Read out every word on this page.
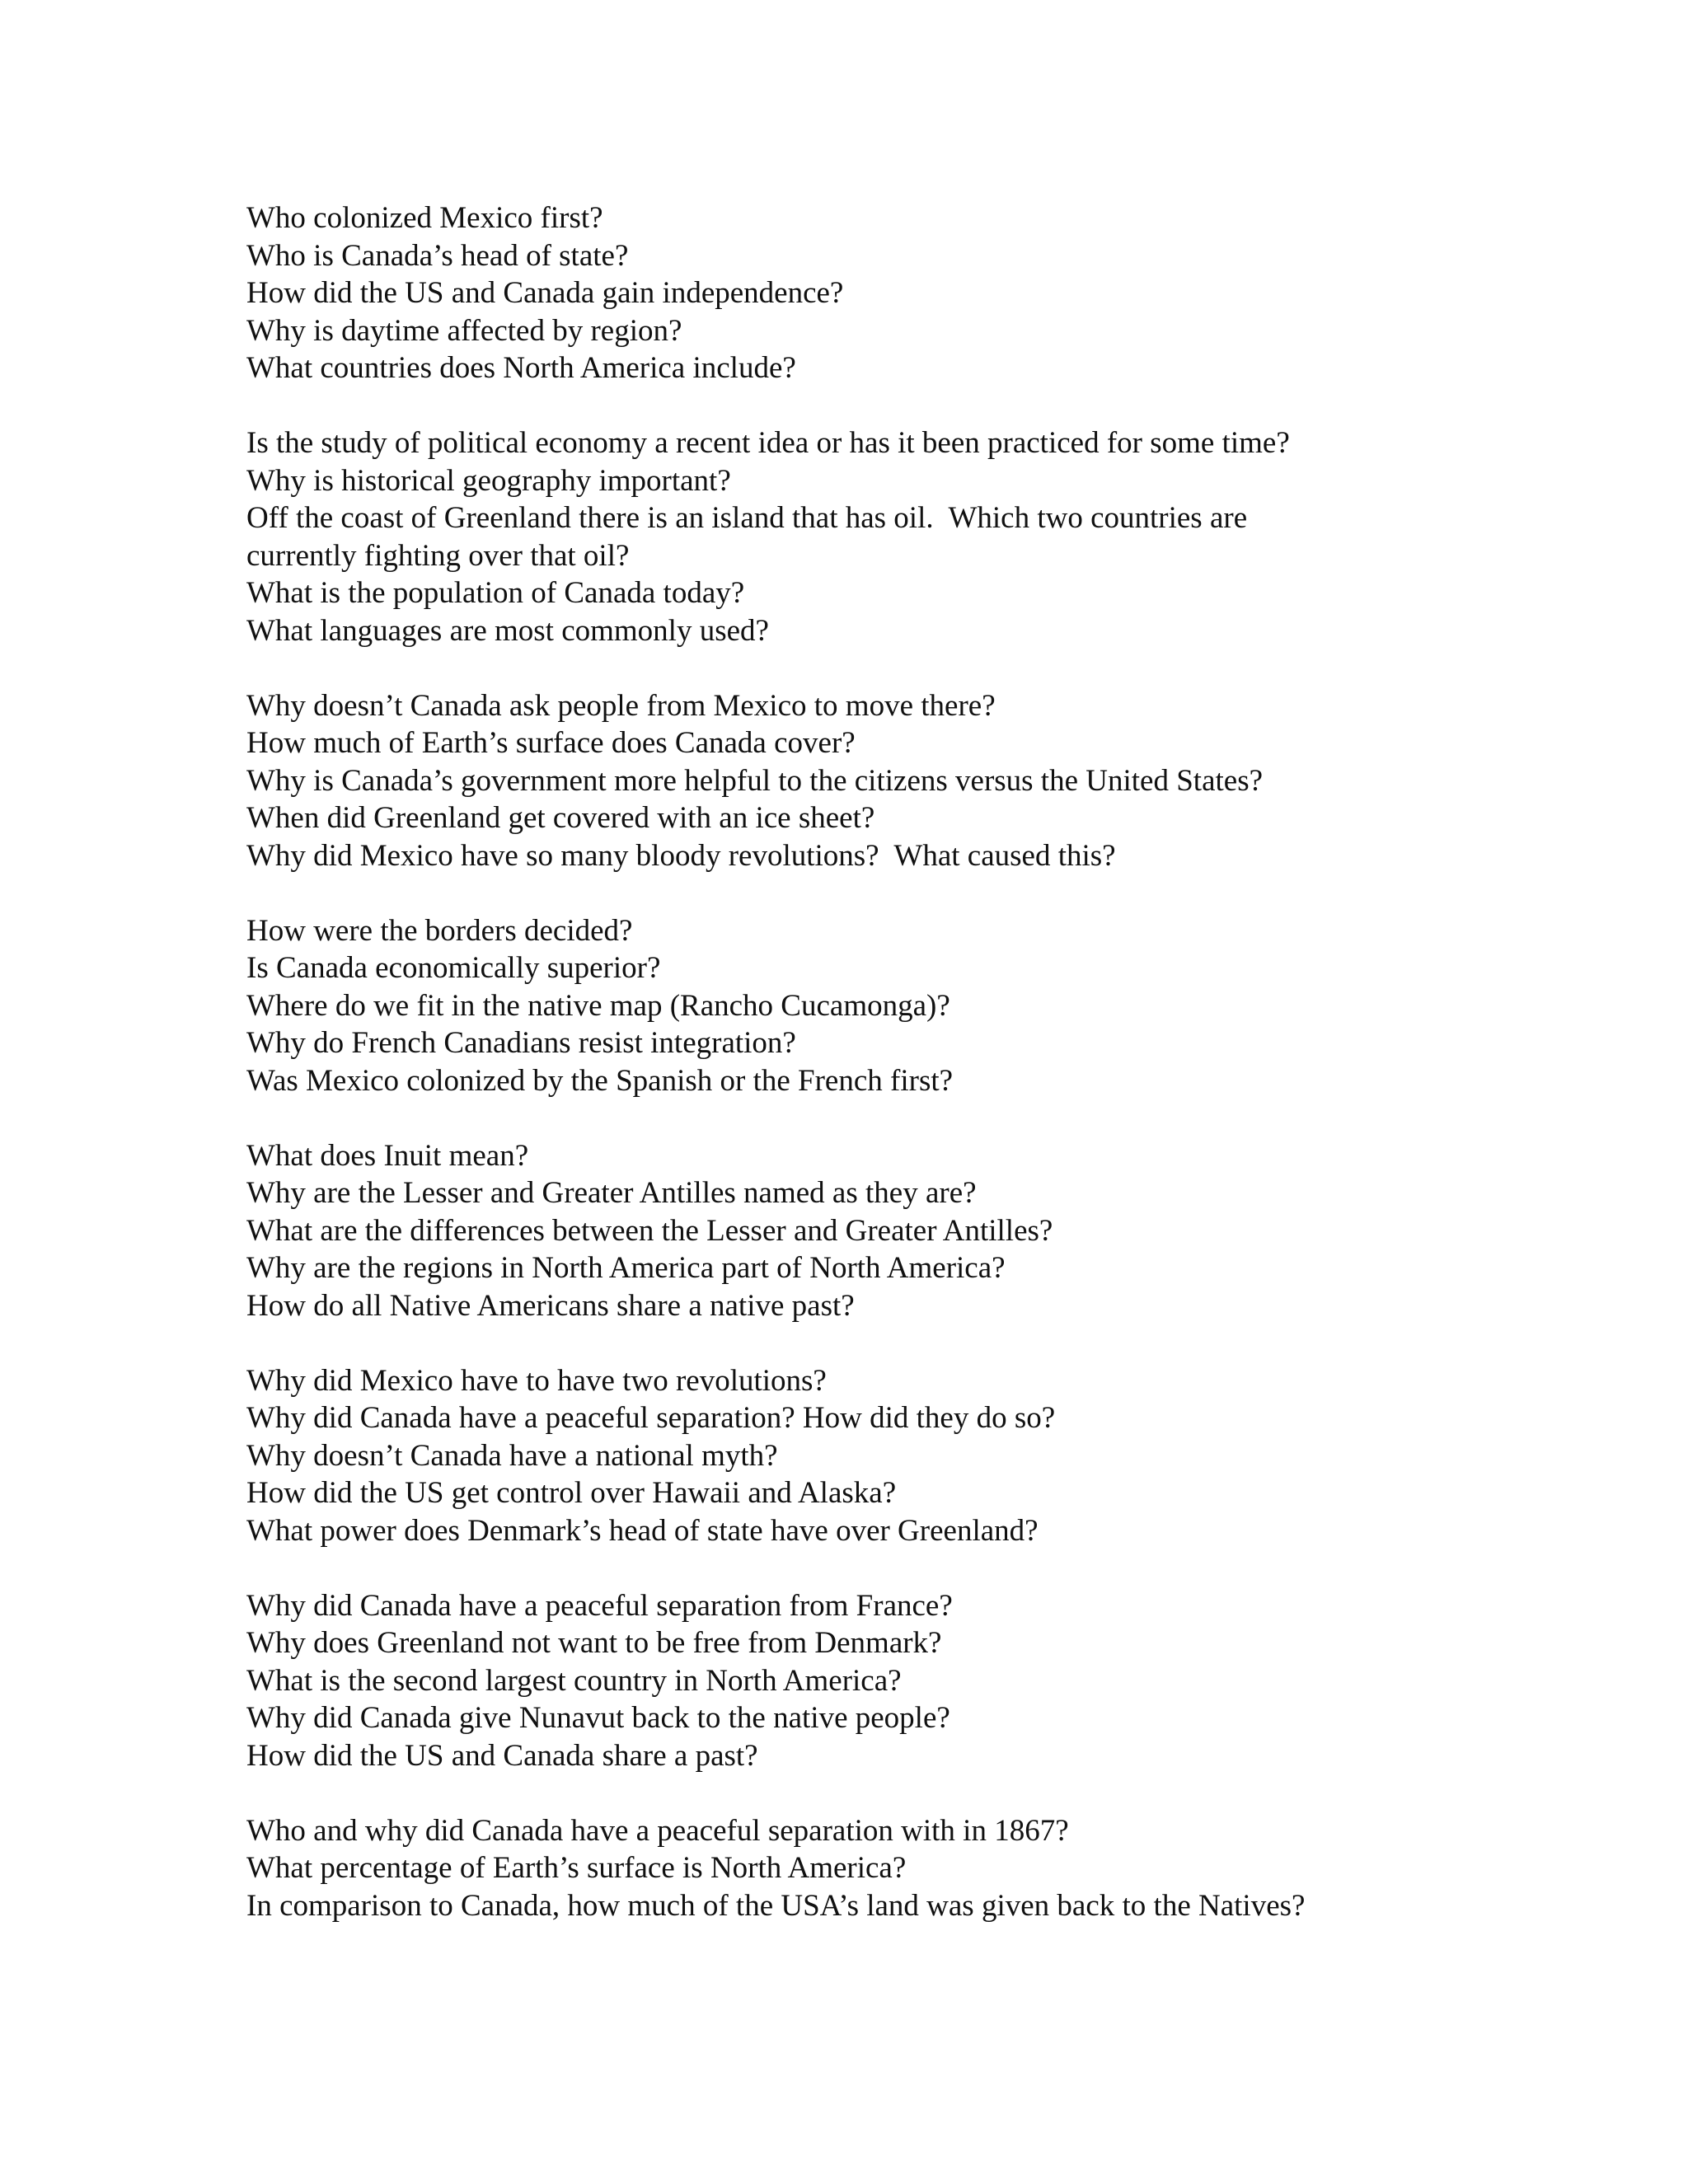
Who colonized Mexico first?
Who is Canada’s head of state?
How did the US and Canada gain independence?
Why is daytime affected by region?
What countries does North America include?
Is the study of political economy a recent idea or has it been practiced for some time?
Why is historical geography important?
Off the coast of Greenland there is an island that has oil.  Which two countries are
currently fighting over that oil?
What is the population of Canada today?
What languages are most commonly used?
Why doesn’t Canada ask people from Mexico to move there?
How much of Earth’s surface does Canada cover?
Why is Canada’s government more helpful to the citizens versus the United States?
When did Greenland get covered with an ice sheet?
Why did Mexico have so many bloody revolutions?  What caused this?
How were the borders decided?
Is Canada economically superior?
Where do we fit in the native map (Rancho Cucamonga)?
Why do French Canadians resist integration?
Was Mexico colonized by the Spanish or the French first?
What does Inuit mean?
Why are the Lesser and Greater Antilles named as they are?
What are the differences between the Lesser and Greater Antilles?
Why are the regions in North America part of North America?
How do all Native Americans share a native past?
Why did Mexico have to have two revolutions?
Why did Canada have a peaceful separation? How did they do so?
Why doesn’t Canada have a national myth?
How did the US get control over Hawaii and Alaska?
What power does Denmark’s head of state have over Greenland?
Why did Canada have a peaceful separation from France?
Why does Greenland not want to be free from Denmark?
What is the second largest country in North America?
Why did Canada give Nunavut back to the native people?
How did the US and Canada share a past?
Who and why did Canada have a peaceful separation with in 1867?
What percentage of Earth’s surface is North America?
In comparison to Canada, how much of the USA’s land was given back to the Natives?
